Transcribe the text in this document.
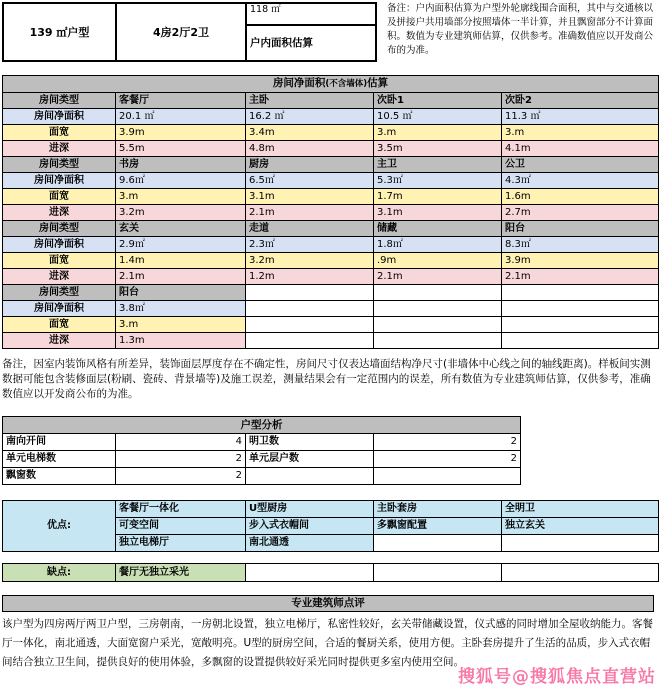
139 ㎡户型	4房2厅2卫	118 ㎡
户内面积估算
备注：户内面积估算为户型外轮廓线围合面积，其中与交通核以及拼接户共用墙部分按照墙体一半计算，并且飘窗部分不计算面积。数值为专业建筑师估算，仅供参考。准确数值应以开发商公布的为准。
房间净面积(不含墙体)估算				
房间类型	客餐厅	主卧	次卧1	次卧2
房间净面积	20.1 ㎡	16.2 ㎡	10.5 ㎡	11.3 ㎡
面宽	3.9m	3.4m	3.m	3.m
进深	5.5m	4.8m	3.5m	4.1m
房间类型	书房	厨房	主卫	公卫
房间净面积	9.6㎡	6.5㎡	5.3㎡	4.3㎡
面宽	3.m	3.1m	1.7m	1.6m
进深	3.2m	2.1m	3.1m	2.7m
房间类型	玄关	走道	储藏	阳台
房间净面积	2.9㎡	2.3㎡	1.8㎡	8.3㎡
面宽	1.4m	3.2m	.9m	3.9m
进深	2.1m	1.2m	2.1m	2.1m
房间类型	阳台			
房间净面积	3.8㎡			
面宽	3.m			
进深	1.3m			
备注，因室内装饰风格有所差异，装饰面层厚度存在不确定性，房间尺寸仅表达墙面结构净尺寸(非墙体中心线之间的轴线距离)。样板间实测数据可能包含装修面层(粉刷、瓷砖、背景墙等)及施工误差，测量结果会有一定范围内的误差，所有数值为专业建筑师估算，仅供参考，准确数值应以开发商公布的为准。
户型分析			
南向开间	4	明卫数	2
单元电梯数	2	单元层户数	2
飘窗数	2		
优点:	客餐厅一体化	U型厨房	主卧套房	全明卫
	可变空间	步入式衣帽间	多飘窗配置	独立玄关
	独立电梯厅	南北通透		
缺点:	餐厅无独立采光			
专业建筑师点评
该户型为四房两厅两卫户型，三房朝南，一房朝北设置，独立电梯厅，私密性较好，玄关带储藏设置，仪式感的同时增加全屋收纳能力。客餐厅一体化，南北通透，大面宽窗户采光，宽敞明亮。U型的厨房空间，合适的餐厨关系，使用方便。主卧套房提升了生活的品质，步入式衣帽间结合独立卫生间，提供良好的使用体验，多飘窗的设置提供较好采光同时提供更多室内使用空间。
搜狐号@搜狐焦点直营站
